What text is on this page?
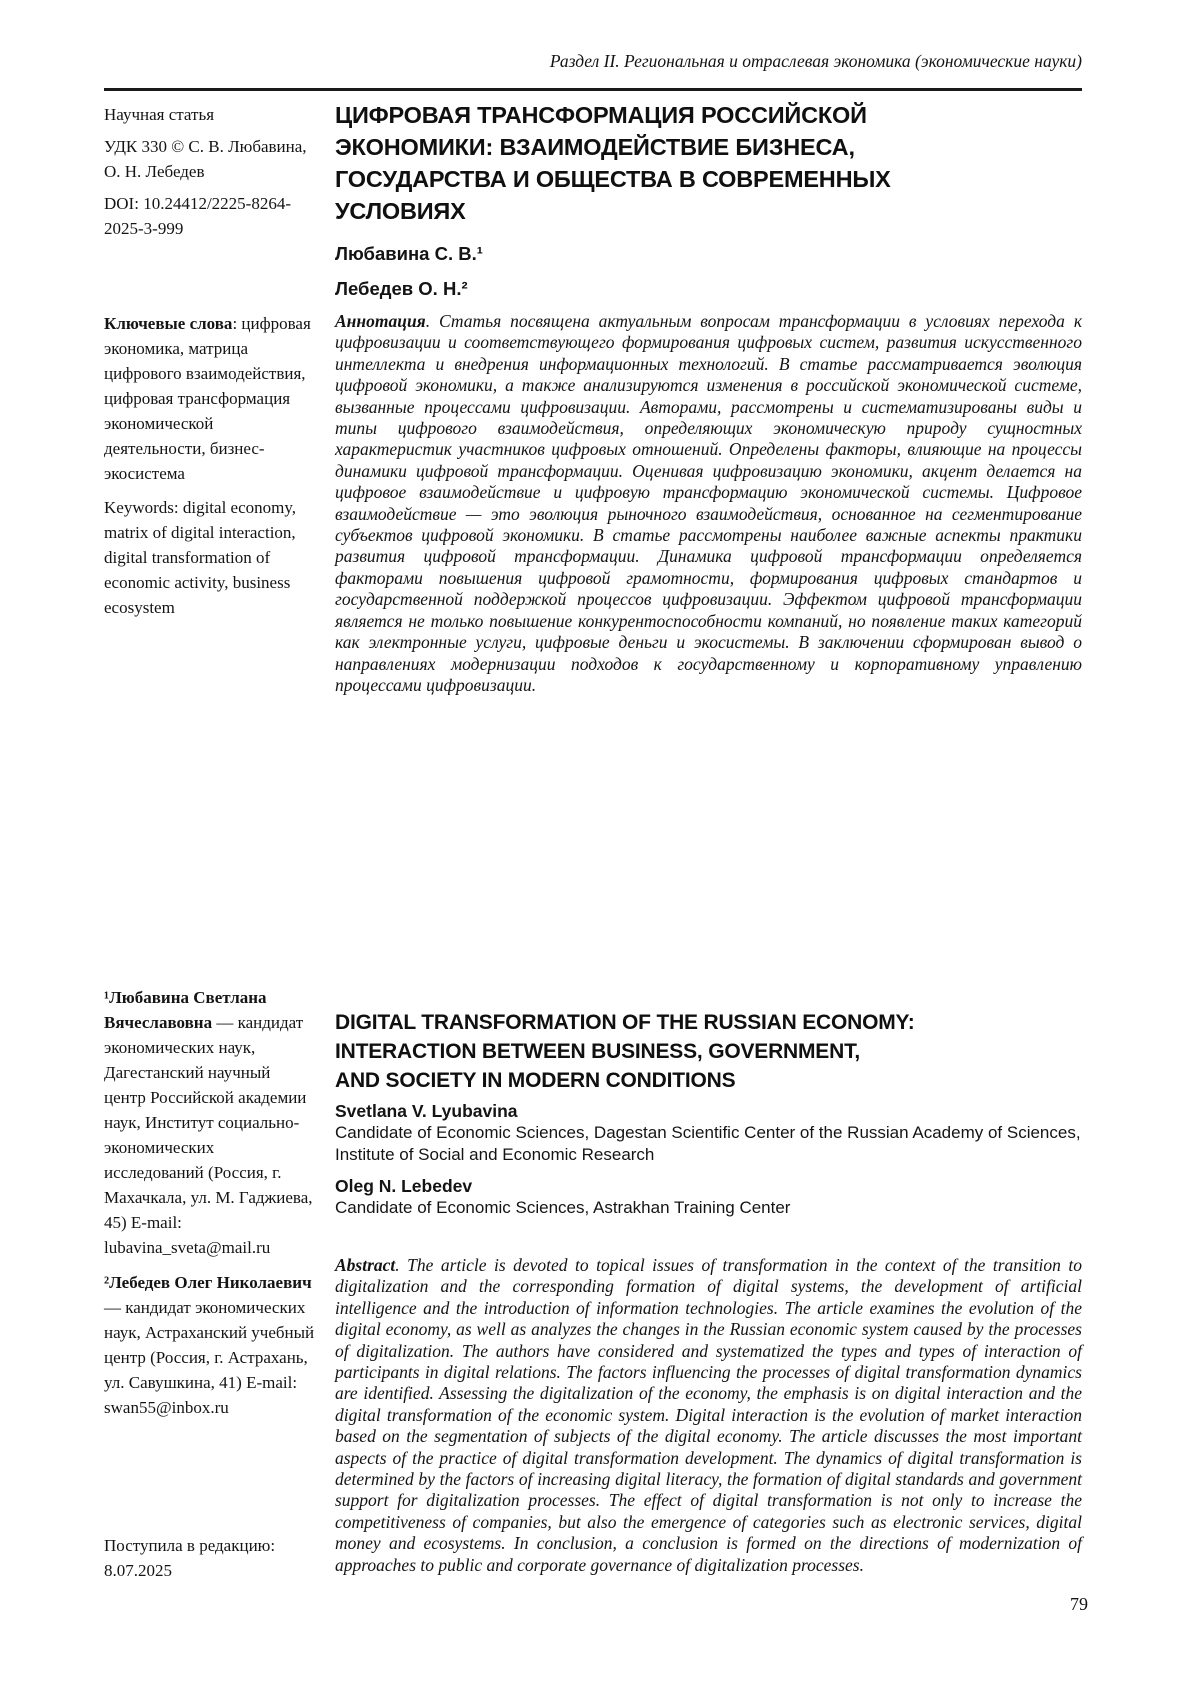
Раздел II. Региональная и отраслевая экономика (экономические науки)

Научная статья

УДК 330 © С. В. Любавина, О. Н. Лебедев

DOI: 10.24412/2225-8264-2025-3-999

ЦИФРОВАЯ ТРАНСФОРМАЦИЯ РОССИЙСКОЙ
ЭКОНОМИКИ: ВЗАИМОДЕЙСТВИЕ БИЗНЕСА,
ГОСУДАРСТВА И ОБЩЕСТВА В СОВРЕМЕННЫХ
УСЛОВИЯХ

Любавина С. В.¹

Лебедев О. Н.²

Ключевые слова: цифровая экономика, матрица цифрового взаимодействия, цифровая трансформация экономической деятельности, бизнес-экосистема

Keywords: digital economy, matrix of digital interaction, digital transformation of economic activity, business ecosystem

Аннотация. Статья посвящена актуальным вопросам трансформации в условиях перехода к цифровизации и соответствующего формирования цифровых систем, развития искусственного интеллекта и внедрения информационных технологий. В статье рассматривается эволюция цифровой экономики, а также анализируются изменения в российской экономической системе, вызванные процессами цифровизации. Авторами, рассмотрены и систематизированы виды и типы цифрового взаимодействия, определяющих экономическую природу сущностных характеристик участников цифровых отношений. Определены факторы, влияющие на процессы динамики цифровой трансформации. Оценивая цифровизацию экономики, акцент делается на цифровое взаимодействие и цифровую трансформацию экономической системы. Цифровое взаимодействие — это эволюция рыночного взаимодействия, основанное на сегментирование субъектов цифровой экономики. В статье рассмотрены наиболее важные аспекты практики развития цифровой трансформации. Динамика цифровой трансформации определяется факторами повышения цифровой грамотности, формирования цифровых стандартов и государственной поддержкой процессов цифровизации. Эффектом цифровой трансформации является не только повышение конкурентоспособности компаний, но появление таких категорий как электронные услуги, цифровые деньги и экосистемы. В заключении сформирован вывод о направлениях модернизации подходов к государственному и корпоративному управлению процессами цифровизации.

¹Любавина Светлана Вячеславовна — кандидат экономических наук, Дагестанский научный центр Российской академии наук, Институт социально-экономических исследований (Россия, г. Махачкала, ул. М. Гаджиева, 45) E-mail: lubavina_sveta@mail.ru

²Лебедев Олег Николаевич — кандидат экономических наук, Астраханский учебный центр (Россия, г. Астрахань, ул. Савушкина, 41) E-mail: swan55@inbox.ru

DIGITAL TRANSFORMATION OF THE RUSSIAN ECONOMY:
INTERACTION BETWEEN BUSINESS, GOVERNMENT,
AND SOCIETY IN MODERN CONDITIONS

Svetlana V. Lyubavina

Candidate of Economic Sciences, Dagestan Scientific Center of the Russian Academy of Sciences, Institute of Social and Economic Research

Oleg N. Lebedev

Candidate of Economic Sciences, Astrakhan Training Center

Abstract. The article is devoted to topical issues of transformation in the context of the transition to digitalization and the corresponding formation of digital systems, the development of artificial intelligence and the introduction of information technologies. The article examines the evolution of the digital economy, as well as analyzes the changes in the Russian economic system caused by the processes of digitalization. The authors have considered and systematized the types and types of interaction of participants in digital relations. The factors influencing the processes of digital transformation dynamics are identified. Assessing the digitalization of the economy, the emphasis is on digital interaction and the digital transformation of the economic system. Digital interaction is the evolution of market interaction based on the segmentation of subjects of the digital economy. The article discusses the most important aspects of the practice of digital transformation development. The dynamics of digital transformation is determined by the factors of increasing digital literacy, the formation of digital standards and government support for digitalization processes. The effect of digital transformation is not only to increase the competitiveness of companies, but also the emergence of categories such as electronic services, digital money and ecosystems. In conclusion, a conclusion is formed on the directions of modernization of approaches to public and corporate governance of digitalization processes.

Поступила в редакцию:

8.07.2025

79
